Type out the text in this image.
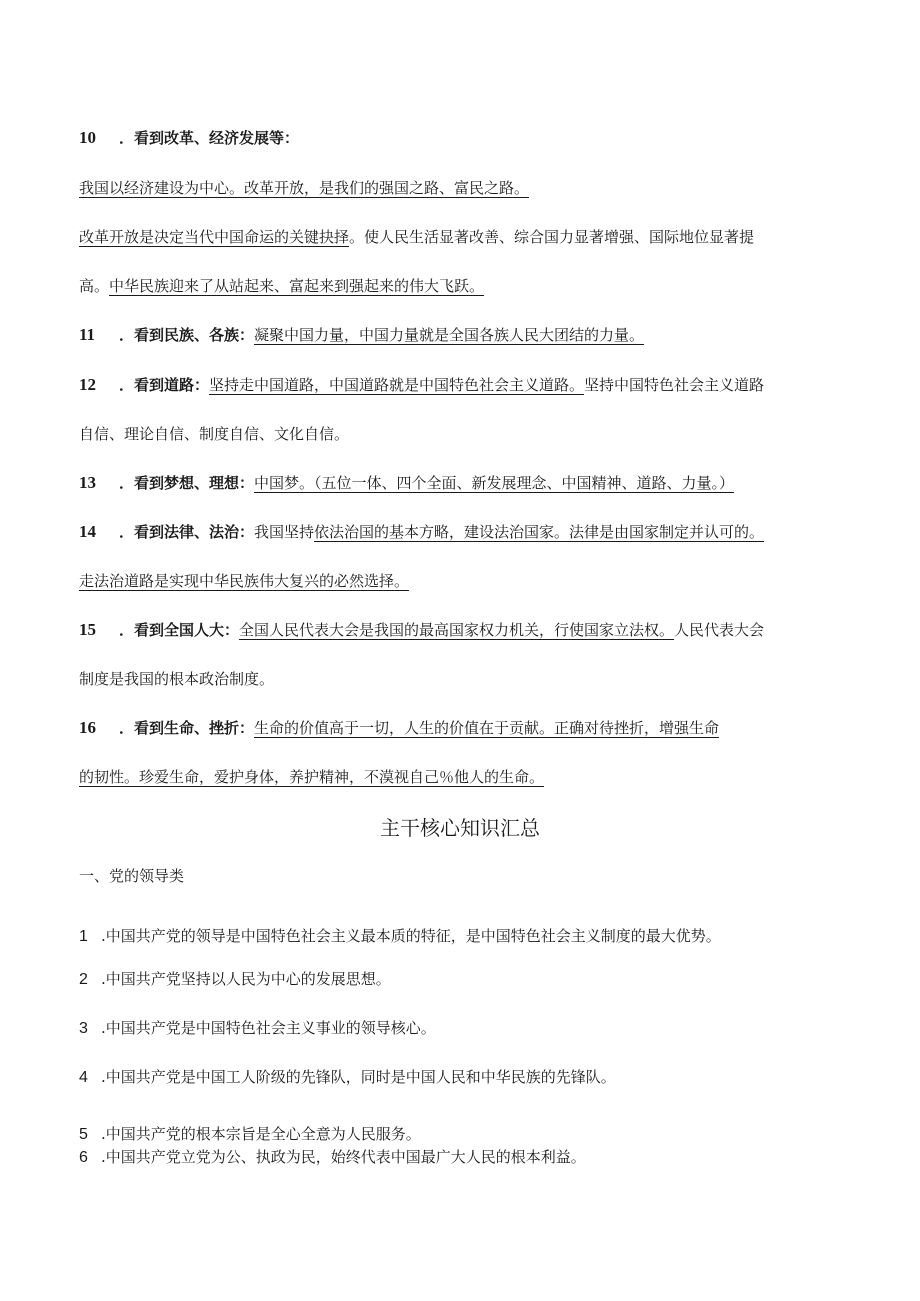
10 ．看到改革、经济发展等：
我国以经济建设为中心。改革开放，是我们的强国之路、富民之路。
改革开放是决定当代中国命运的关键抉择。使人民生活显著改善、综合国力显著增强、国际地位显著提
高。中华民族迎来了从站起来、富起来到强起来的伟大飞跃。
11 ．看到民族、各族：凝聚中国力量，中国力量就是全国各族人民大团结的力量。
12 ．看到道路：坚持走中国道路，中国道路就是中国特色社会主义道路。坚持中国特色社会主义道路
自信、理论自信、制度自信、文化自信。
13 ．看到梦想、理想：中国梦。（五位一体、四个全面、新发展理念、中国精神、道路、力量。）
14 ．看到法律、法治：我国坚持依法治国的基本方略，建设法治国家。法律是由国家制定并认可的。
走法治道路是实现中华民族伟大复兴的必然选择。
15 ．看到全国人大：全国人民代表大会是我国的最高国家权力机关，行使国家立法权。人民代表大会
制度是我国的根本政治制度。
16 ．看到生命、挫折：生命的价值高于一切，人生的价值在于贡献。正确对待挫折，增强生命
的韧性。珍爱生命，爱护身体，养护精神，不漠视自己％他人的生命。
主干核心知识汇总
一、党的领导类
1 .中国共产党的领导是中国特色社会主义最本质的特征，是中国特色社会主义制度的最大优势。
2 .中国共产党坚持以人民为中心的发展思想。
3 .中国共产党是中国特色社会主义事业的领导核心。
4 .中国共产党是中国工人阶级的先锋队，同时是中国人民和中华民族的先锋队。
5 .中国共产党的根本宗旨是全心全意为人民服务。
6 .中国共产党立党为公、执政为民，始终代表中国最广大人民的根本利益。
